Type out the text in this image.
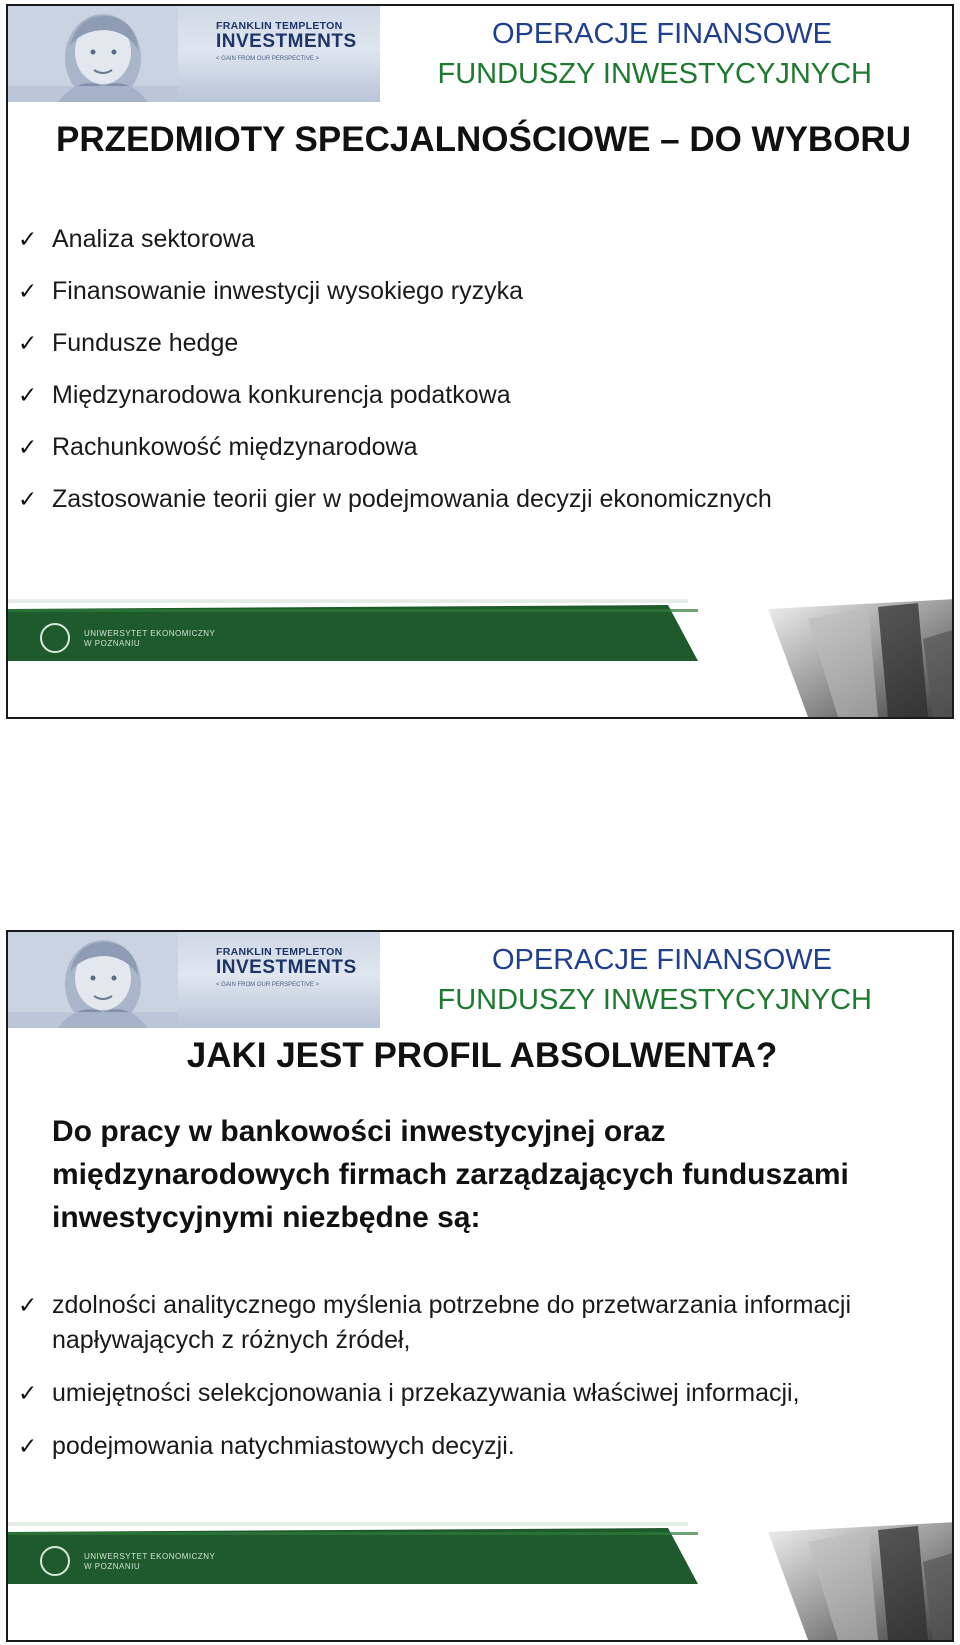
FRANKLIN TEMPLETON
INVESTMENTS
< GAIN FROM OUR PERSPECTIVE >
OPERACJE FINANSOWE
FUNDUSZY INWESTYCYJNYCH
PRZEDMIOTY SPECJALNOŚCIOWE – DO WYBORU
✓ Analiza sektorowa
✓ Finansowanie inwestycji wysokiego ryzyka
✓ Fundusze hedge
✓ Międzynarodowa konkurencja podatkowa
✓ Rachunkowość międzynarodowa
✓ Zastosowanie teorii gier w podejmowania decyzji ekonomicznych
UNIWERSYTET EKONOMICZNY
W POZNANIU
FRANKLIN TEMPLETON
INVESTMENTS
< GAIN FROM OUR PERSPECTIVE >
OPERACJE FINANSOWE
FUNDUSZY INWESTYCYJNYCH
JAKI JEST PROFIL ABSOLWENTA?
Do pracy w bankowości inwestycyjnej oraz międzynarodowych firmach zarządzających funduszami inwestycyjnymi niezbędne są:
✓ zdolności analitycznego myślenia potrzebne do przetwarzania informacji napływających z różnych źródeł,
✓ umiejętności selekcjonowania i przekazywania właściwej informacji,
✓ podejmowania natychmiastowych decyzji.
UNIWERSYTET EKONOMICZNY
W POZNANIU
